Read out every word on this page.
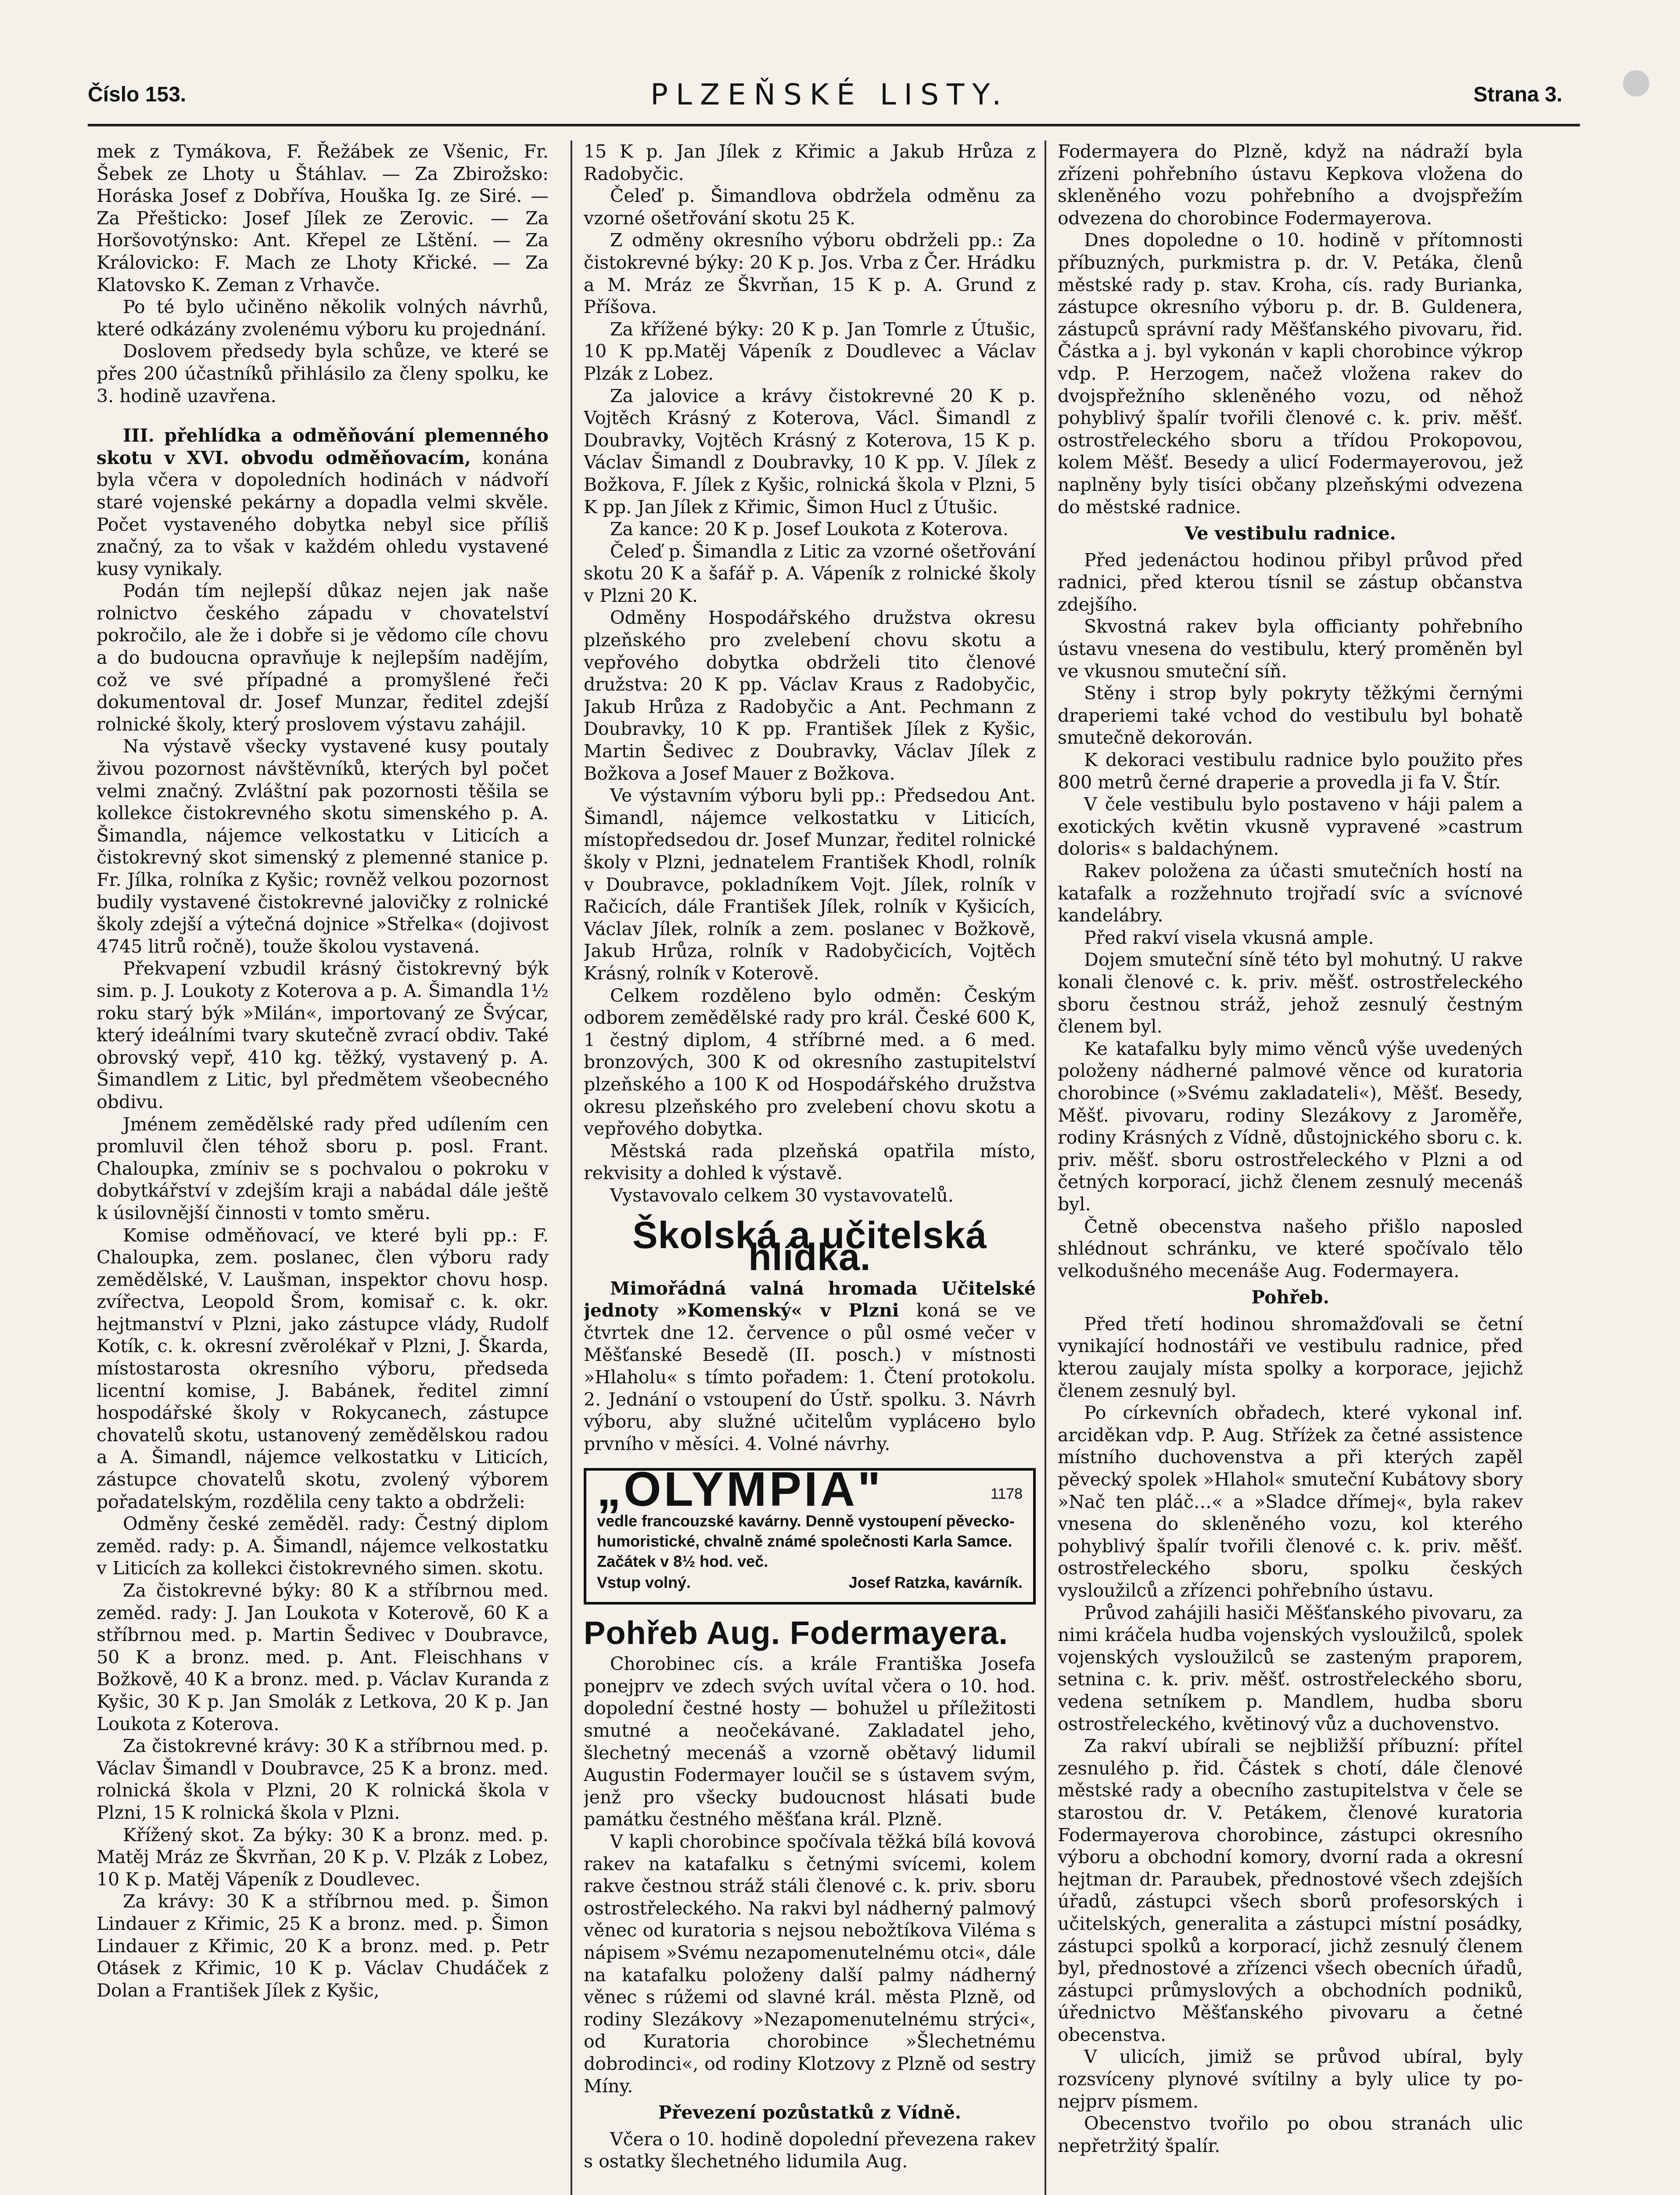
Číslo 153.	PLZEŇSKÉ LISTY.	Strana 3.

mek z Tymákova, F. Řežábek ze Všenic, Fr. Šebek ze Lhoty u Štáhlav. — Za Zbirožsko: Horáska Josef z Dobřívа, Houška Ig. ze Siré. — Za Přešticko: Josef Jílek ze Zerovic. — Za Horšovotýnsko: Ant. Křepel ze Lštění. — Za Královicko: F. Mach ze Lhoty Křické. — Za Klatovsko K. Zeman z Vrhavče.

Po té bylo učiněno několik volných návrhů, které odkázány zvolenému výboru ku projednání.

Doslovem předsedy byla schůze, ve které se přes 200 účastníků přihlásilo za členy spolku, ke 3. hodině uzavřena.

III. přehlídka a odměňování plemenného skotu v XVI. obvodu odměňovacím, konána byla včera v dopoledních hodinách v nádvoří staré vojenské pekárny a dopadla velmi skvěle. Počet vystaveného dobytka nebyl sice příliš značný, za to však v každém ohledu vystavené kusy vynikaly.

Podán tím nejlepší důkaz nejen jak naše rolnictvo českého západu v chovatelství pokročilo, ale že i dobře si je vědomo cíle chovu a do budoucna opravňuje k nejlepším nadějím, což ve své případné a promyšlené řeči dokumentoval dr. Josef Munzar, ředitel zdejší rolnické školy, který proslovem výstavu zahájil.

Na výstavě všecky vystavené kusy poutaly živou pozornost návštěvníků, kterých byl počet velmi značný. Zvláštní pak pozornosti těšila se kollekce čistokrevného skotu simenského p. A. Šimandla, nájemce velkostatku v Liticích a čistokrevný skot simenský z plemenné stanice p. Fr. Jílka, rolníka z Kyšic; rovněž velkou pozornost budily vystavené čistokrevné jalovičky z rolnické školy zdejší a výtečná dojnice »Střelka« (dojivost 4745 litrů ročně), touže školou vystavená.

Překvapení vzbudil krásný čistokrevný býk sim. p. J. Loukoty z Koterova a p. A. Šimandla 1½ roku starý býk »Milán«, importovaný ze Švýcar, který ideálními tvary skutečně zvrací obdiv. Také obrovský vepř, 410 kg. těžký, vystavený p. A. Šimandlem z Litic, byl předmětem všeobecného obdivu.

Jménem zemědělské rady před udílením cen promluvil člen téhož sboru p. posl. Frant. Chaloupka, zmíniv se s pochvalou o pokroku v dobytkářství v zdejším kraji a nabádal dále ještě k úsilovnější činnosti v tomto směru.

Komise odměňovací, ve které byli pp.: F. Chaloupka, zem. poslanec, člen výboru rady zemědělské, V. Laušman, inspektor chovu hosp. zvířectva, Leopold Šrom, komisař c. k. okr. hejtmanství v Plzni, jako zástupce vlády, Rudolf Kotík, c. k. okresní zvěrolékař v Plzni, J. Škarda, místostarosta okresního výboru, předseda licentní komise, J. Babánek, ředitel zimní hospodářské školy v Rokycanech, zástupce chovatelů skotu, ustanovený zemědělskou radou a A. Šimandl, nájemce velkostatku v Liticích, zástupce chovatelů skotu, zvolený výborem pořadatelským, rozdělila ceny takto a obdrželi:

Odměny české zeměděl. rady: Čestný diplom zeměd. rady: p. A. Šimandl, nájemce velkostatku v Liticích za kollekci čistokrevného simen. skotu.

Za čistokrevné býky: 80 K a stříbrnou med. zeměd. rady: J. Jan Loukota v Koterově, 60 K a stříbrnou med. p. Martin Šedivec v Doubravce, 50 K a bronz. med. p. Ant. Fleischhans v Božkově, 40 K a bronz. med. p. Václav Kuranda z Kyšic, 30 K p. Jan Smolák z Letkova, 20 K p. Jan Loukota z Koterova.

Za čistokrevné krávy: 30 K a stříbrnou med. p. Václav Šimandl v Doubravce, 25 K a bronz. med. rolnická škola v Plzni, 20 K rolnická škola v Plzni, 15 K rolnická škola v Plzni.

Křížený skot. Za býky: 30 K a bronz. med. p. Matěj Mráz ze Škvrňan, 20 K p. V. Plzák z Lobez, 10 K p. Matěj Vápeník z Doudlevec.

Za krávy: 30 K a stříbrnou med. p. Šimon Lindauer z Křimic, 25 K a bronz. med. p. Šimon Lindauer z Křimic, 20 K a bronz. med. p. Petr Otásek z Křimic, 10 K p. Václav Chudáček z Dolan a František Jílek z Kyšic,

15 K p. Jan Jílek z Křimic a Jakub Hrůza z Radobyčic.

Čeleď p. Šimandlova obdržela odměnu za vzorné ošetřování skotu 25 K.

Z odměny okresního výboru obdrželi pp.: Za čistokrevné býky: 20 K p. Jos. Vrba z Čer. Hrádku a M. Mráz ze Škvrňan, 15 K p. A. Grund z Příšova.

Za křížené býky: 20 K p. Jan Tomrle z Útušic, 10 K pp.Matěj Vápeník z Doudlevec a Václav Plzák z Lobez.

Za jalovice a krávy čistokrevné 20 K p. Vojtěch Krásný z Koterova, Václ. Šimandl z Doubravky, Vojtěch Krásný z Koterova, 15 K p. Václav Šimandl z Doubravky, 10 K pp. V. Jílek z Božkova, F. Jílek z Kyšic, rolnická škola v Plzni, 5 K pp. Jan Jílek z Křimic, Šimon Hucl z Útušic.

Za kance: 20 K p. Josef Loukota z Koterova.

Čeleď p. Šimandla z Litic za vzorné ošetřování skotu 20 K a šafář p. A. Vápeník z rolnické školy v Plzni 20 K.

Odměny Hospodářského družstva okresu plzeňského pro zvelebení chovu skotu a vepřového dobytka obdrželi tito členové družstva: 20 K pp. Václav Kraus z Radobyčic, Jakub Hrůza z Radobyčic a Ant. Pechmann z Doubravky, 10 K pp. František Jílek z Kyšic, Martin Šedivec z Doubravky, Václav Jílek z Božkova a Josef Mauer z Božkova.

Ve výstavním výboru byli pp.: Předsedou Ant. Šimandl, nájemce velkostatku v Liticích, místopředsedou dr. Josef Munzar, ředitel rolnické školy v Plzni, jednatelem František Khodl, rolník v Doubravce, pokladníkem Vojt. Jílek, rolník v Račicích, dále František Jílek, rolník v Kyšicích, Václav Jílek, rolník a zem. poslanec v Božkově, Jakub Hrůza, rolník v Radobyčicích, Vojtěch Krásný, rolník v Koterově.

Celkem rozděleno bylo odměn: Českým odborem zemědělské rady pro král. České 600 K, 1 čestný diplom, 4 stříbrné med. a 6 med. bronzových, 300 K od okresního zastupitelství plzeňského a 100 K od Hospodářského družstva okresu plzeňského pro zvelebení chovu skotu a vepřového dobytka.

Městská rada plzeňská opatřila místo, rekvisity a dohled k výstavě.

Vystavovalo celkem 30 vystavovatelů.

Školská a učitelská hlídka.

Mimořádná valná hromada Učitelské jednoty »Komenský« v Plzni koná se ve čtvrtek dne 12. července o půl osmé večer v Měšťanské Besedě (II. posch.) v místnosti »Hlaholu« s tímto pořadem: 1. Čtení protokolu. 2. Jednání o vstoupení do Ústř. spolku. 3. Návrh výboru, aby služné učitelům vyplácено bylo prvního v měsíci. 4. Volné návrhy.

„OLYMPIA"	1178

vedle francouzské kavárny. Denně vystoupení pěvecko-humoristické, chvalně známé společnosti Karla Samce. Začátek v 8½ hod. več.

Vstup volný.	Josef Ratzka, kavárník.
Pohřeb Aug. Fodermayera.

Chorobinec cís. a krále Františka Josefa ponejprv ve zdech svých uvítal včera o 10. hod. dopolední čestné hosty — bohužel u příležitosti smutné a neočekávané. Zakladatel jeho, šlechetný mecenáš a vzorně obětavý lidumil Augustin Fodermayer loučil se s ústavem svým, jenž pro všecky budoucnost hlásati bude památku čestného měšťana král. Plzně.

V kapli chorobince spočívala těžká bílá kovová rakev na katafalku s četnými svícemi, kolem rakve čestnou stráž stáli členové c. k. priv. sboru ostrostřeleckého. Na rakvi byl nádherný palmový věnec od kuratoria s nejsou nebožtíkova Viléma s nápisem »Svému nezapomenutelnému otci«, dále na katafalku položeny další palmy nádherný věnec s rúžemi od slavné král. města Plzně, od rodiny Slezákovy »Nezapomenutelnému strýci«, od Kuratoria chorobince »Šlechetnému dobrodinci«, od rodiny Klotzovy z Plzně od sestry Míny.

Převezení pozůstatků z Vídně.

Včera o 10. hodině dopolední převezena rakev s ostatky šlechetného lidumila Aug.

Fodermayera do Plzně, když na nádraží byla zřízeni pohřebního ústavu Kepkova vložena do skleněného vozu pohřebního a dvojspřežím odvezena do chorobince Fodermayerova.

Dnes dopoledne o 10. hodině v přítomnosti příbuzných, purkmistra p. dr. V. Petáka, členů městské rady p. stav. Kroha, cís. rady Burianka, zástupce okresního výboru p. dr. B. Guldenera, zástupců správní rady Měšťanského pivovaru, řid. Částka a j. byl vykonán v kapli chorobince výkrop vdp. P. Herzogem, načež vložena rakev do dvojspřežního skleněného vozu, od něhož pohyblivý špalír tvořili členové c. k. priv. měšť. ostrostřeleckého sboru a třídou Prokopovou, kolem Měšť. Besedy a ulicí Fodermayerovou, jež naplněny byly tisíci občany plzeňskými odvezena do městské radnice.

Ve vestibulu radnice.

Před jedenáctou hodinou přibyl průvod před radnici, před kterou tísnil se zástup občanstva zdejšího.

Skvostná rakev byla officianty pohřebního ústavu vnesena do vestibulu, který proměněn byl ve vkusnou smuteční síň.

Stěny i strop byly pokryty těžkými černými draperiemi také vchod do vestibulu byl bohatě smutečně dekorován.

K dekoraci vestibulu radnice bylo použito přes 800 metrů černé draperie a provedla ji fa V. Štír.

V čele vestibulu bylo postaveno v háji palem a exotických květin vkusně vypravené »castrum doloris« s baldachýnem.

Rakev položena za účasti smutečních hostí na katafalk a rozžehnuto trojřadí svíc a svícnové kandelábry.

Před rakví visela vkusná ample.

Dojem smuteční síně této byl mohutný. U rakve konali členové c. k. priv. měšť. ostrostřeleckého sboru čestnou stráž, jehož zesnulý čestným členem byl.

Ke katafalku byly mimo věnců výše uvedených položeny nádherné palmové věnce od kuratoria chorobince (»Svému zakladateli«), Měšť. Besedy, Měšť. pivovaru, rodiny Slezákovy z Jaroměře, rodiny Krásných z Vídně, důstojnického sboru c. k. priv. měšť. sboru ostrostřeleckého v Plzni a od četných korporací, jichž členem zesnulý mecenáš byl.

Četně obecenstva našeho přišlo naposled shlédnout schránku, ve které spočívalo tělo velkodušného mecenáše Aug. Fodermayera.

Pohřeb.

Před třetí hodinou shromažďovali se četní vynikající hodnostáři ve vestibulu radnice, před kterou zaujaly místa spolky a korporace, jejichž členem zesnulý byl.

Po církevních obřadech, které vykonal inf. arciděkan vdp. P. Aug. Stříżek za četné assistence místního duchovenstva a při kterých zapěl pěvecký spolek »Hlahol« smuteční Kubátovy sbory »Nač ten pláč…« a »Sladce dřímej«, byla rakev vnesena do skleněného vozu, kol kterého pohyblivý špalír tvořili členové c. k. priv. měšť. ostrostřeleckého sboru, spolku českých vysloužilců a zřízenci pohřebního ústavu.

Průvod zahájili hasiči Měšťanského pivovaru, za nimi kráčela hudba vojenských vysloužilců, spolek vojenských vysloužilců se zasteným praporem, setnina c. k. priv. měšť. ostrostřeleckého sboru, vedena setníkem p. Mandlem, hudba sboru ostrostřeleckého, květinový vůz a duchovenstvo.

Za rakví ubírali se nejbližší příbuzní: přítel zesnulého p. řid. Částek s chotí, dále členové městské rady a obecního zastupitelstva v čele se starostou dr. V. Petákem, členové kuratoria Fodermayerova chorobince, zástupci okresního výboru a obchodní komory, dvorní rada a okresní hejtman dr. Paraubek, přednostové všech zdejších úřadů, zástupci všech sborů profesorských i učitelských, generalita a zástupci místní posádky, zástupci spolků a korporací, jichž zesnulý členem byl, přednostové a zřízenci všech obecních úřadů, zástupci průmyslových a obchodních podniků, úřednictvo Měšťanského pivovaru a četné obecenstva.

V ulicích, jimiž se průvod ubíral, byly rozsvíceny plynové svítilny a byly ulice ty po- nejprv písmem.

Obecenstvo tvořilo po obou stranách ulic nepřetržitý špalír.
